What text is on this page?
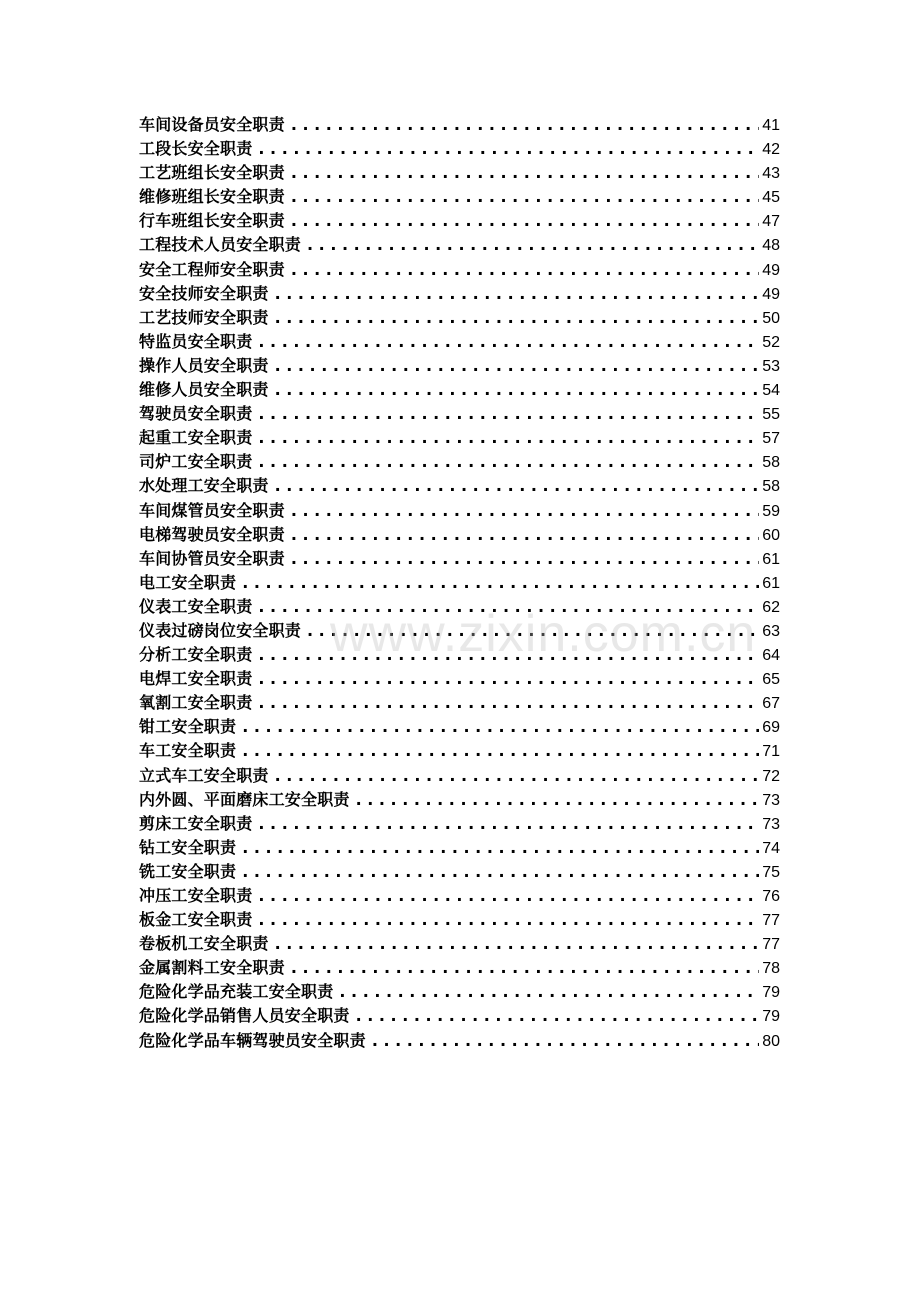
车间设备员安全职责 . . .	41
工段长安全职责 . . .	42
工艺班组长安全职责 . . .	43
维修班组长安全职责 . . .	45
行车班组长安全职责 . . .	47
工程技术人员安全职责 . . .	48
安全工程师安全职责 . . .	49
安全技师安全职责 . . .	49
工艺技师安全职责 . . .	50
特监员安全职责 . . .	52
操作人员安全职责 . . .	53
维修人员安全职责 . . .	54
驾驶员安全职责 . . .	55
起重工安全职责 . . .	57
司炉工安全职责 . . .	58
水处理工安全职责 . . .	58
车间煤管员安全职责 . . .	59
电梯驾驶员安全职责 . . .	60
车间协管员安全职责 . . .	61
电工安全职责 . . .	61
仪表工安全职责 . . .	62
仪表过磅岗位安全职责 . . .	63
分析工安全职责 . . .	64
电焊工安全职责 . . .	65
氧割工安全职责 . . .	67
钳工安全职责 . . .	69
车工安全职责 . . .	71
立式车工安全职责 . . .	72
内外圆、平面磨床工安全职责 . . .	73
剪床工安全职责 . . .	73
钻工安全职责 . . .	74
铣工安全职责 . . .	75
冲压工安全职责 . . .	76
板金工安全职责 . . .	77
卷板机工安全职责 . . .	77
金属割料工安全职责 . . .	78
危险化学品充装工安全职责 . . .	79
危险化学品销售人员安全职责 . . .	79
危险化学品车辆驾驶员安全职责 . . .	80
www.zixin.com.cn
